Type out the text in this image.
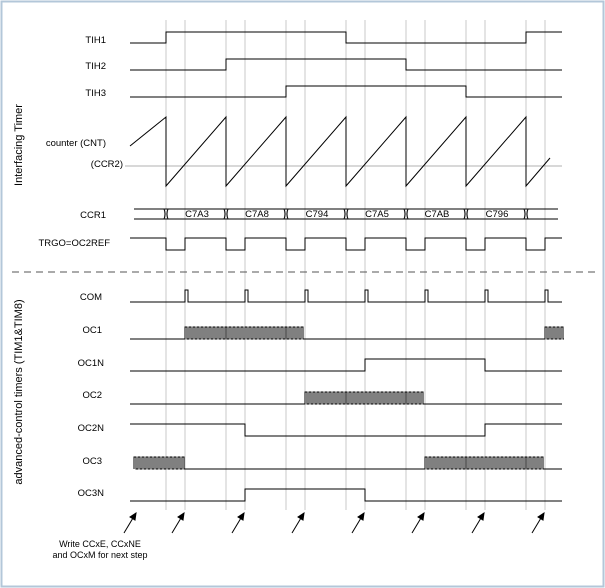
Interfacing Timer
advanced-control timers (TIM1&TIM8)
TIH1
TIH2
TIH3
counter (CNT)
(CCR2)
CCR1
TRGO=OC2REF
COM
OC1
OC1N
OC2
OC2N
OC3
OC3N
C7A3	C7A8	C794	C7A5	C7AB	C796
Write CCxE, CCxNE
and OCxM for next step
